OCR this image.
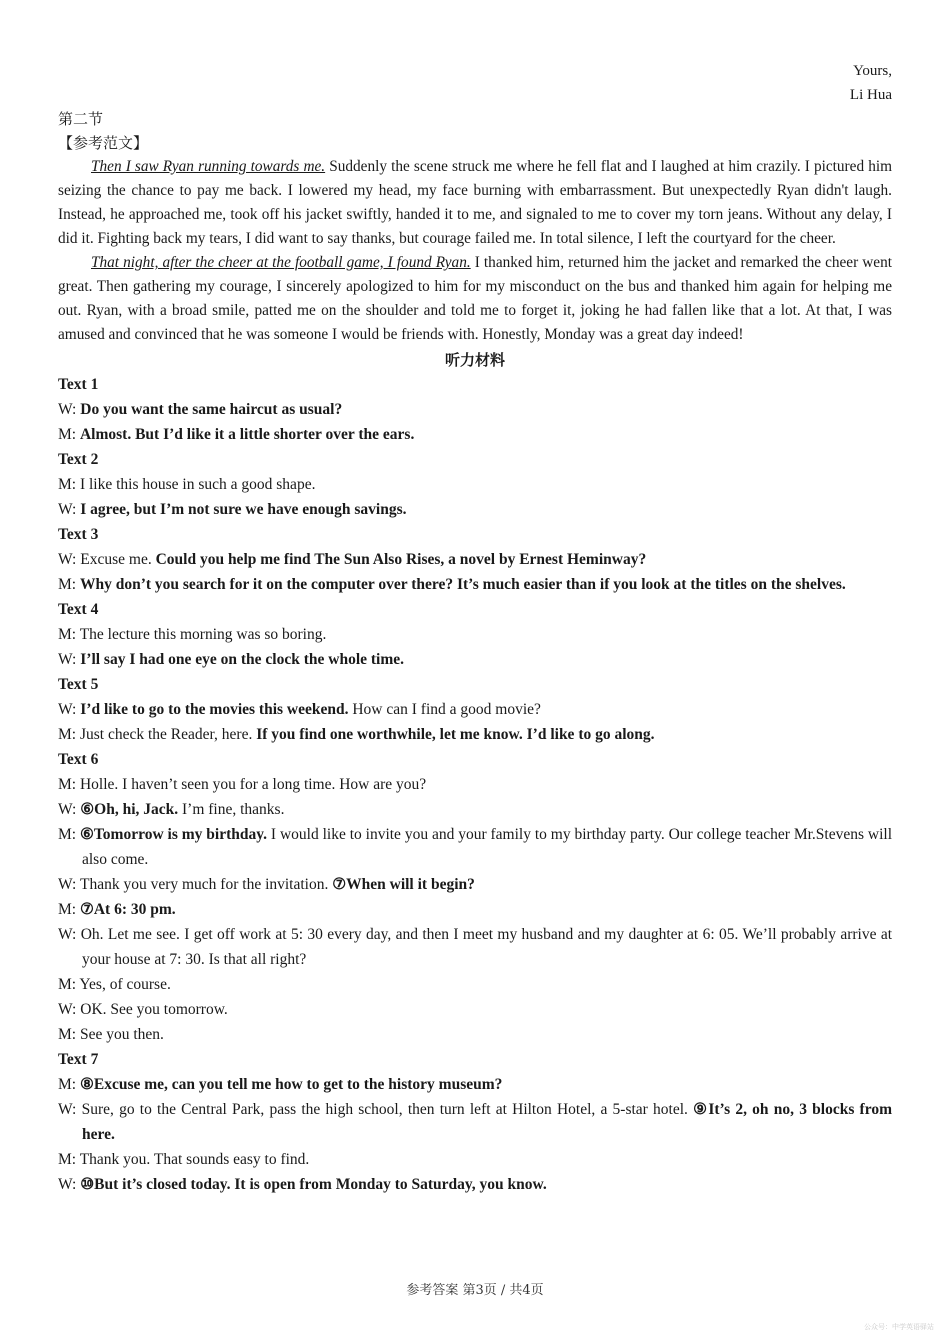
Yours,
Li Hua
第二节
【参考范文】

Then I saw Ryan running towards me. Suddenly the scene struck me where he fell flat and I laughed at him crazily. I pictured him seizing the chance to pay me back. I lowered my head, my face burning with embarrassment. But unexpectedly Ryan didn't laugh. Instead, he approached me, took off his jacket swiftly, handed it to me, and signaled to me to cover my torn jeans. Without any delay, I did it. Fighting back my tears, I did want to say thanks, but courage failed me. In total silence, I left the courtyard for the cheer.

That night, after the cheer at the football game, I found Ryan. I thanked him, returned him the jacket and remarked the cheer went great. Then gathering my courage, I sincerely apologized to him for my misconduct on the bus and thanked him again for helping me out. Ryan, with a broad smile, patted me on the shoulder and told me to forget it, joking he had fallen like that a lot. At that, I was amused and convinced that he was someone I would be friends with. Honestly, Monday was a great day indeed!

听力材料
Text 1
W: Do you want the same haircut as usual?
M: Almost. But I’d like it a little shorter over the ears.
Text 2
M: I like this house in such a good shape.
W: I agree, but I’m not sure we have enough savings.
Text 3
W: Excuse me. Could you help me find The Sun Also Rises, a novel by Ernest Heminway?
M: Why don’t you search for it on the computer over there? It’s much easier than if you look at the titles on the shelves.
Text 4
M: The lecture this morning was so boring.
W: I’ll say I had one eye on the clock the whole time.
Text 5
W: I’d like to go to the movies this weekend. How can I find a good movie?
M: Just check the Reader, here. If you find one worthwhile, let me know. I’d like to go along.
Text 6
M: Holle. I haven’t seen you for a long time. How are you?
W: ⑥Oh, hi, Jack. I’m fine, thanks.
M: ⑥Tomorrow is my birthday. I would like to invite you and your family to my birthday party. Our college teacher Mr.Stevens will also come.
W: Thank you very much for the invitation. ⑦When will it begin?
M: ⑦At 6: 30 pm.
W: Oh. Let me see. I get off work at 5: 30 every day, and then I meet my husband and my daughter at 6: 05. We’ll probably arrive at your house at 7: 30. Is that all right?
M: Yes, of course.
W: OK. See you tomorrow.
M: See you then.
Text 7
M: ⑧Excuse me, can you tell me how to get to the history museum?
W: Sure, go to the Central Park, pass the high school, then turn left at Hilton Hotel, a 5-star hotel. ⑨It’s 2, oh no, 3 blocks from here.
M: Thank you. That sounds easy to find.
W: ⑩But it’s closed today. It is open from Monday to Saturday, you know.
参考答案 第3页 / 共4页
公众号：中学英语驿站
